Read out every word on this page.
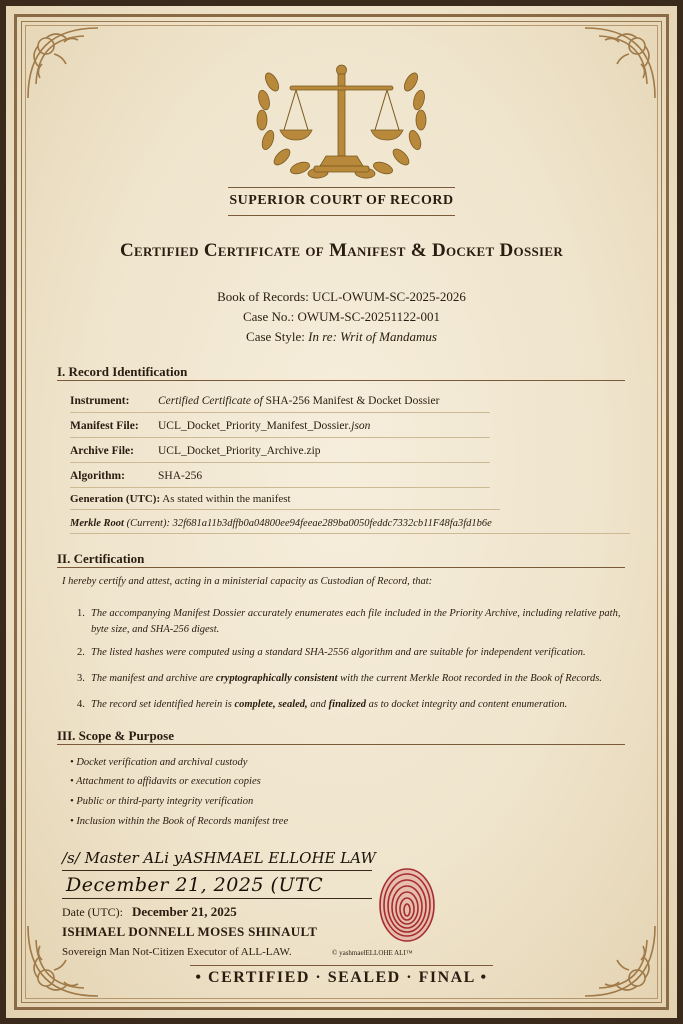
SUPERIOR COURT OF RECORD
Certified Certificate of Manifest & Docket Dossier
Book of Records: UCL-OWUM-SC-2025-2026
Case No.: OWUM-SC-20251122-001
Case Style: In re: Writ of Mandamus
I. Record Identification
Instrument: Certified Certificate of SHA-256 Manifest & Docket Dossier
Manifest File: UCL_Docket_Priority_Manifest_Dossier.json
Archive File: UCL_Docket_Priority_Archive.zip
Algorithm:	SHA-256
Generation (UTC): As stated within the manifest
Merkle Root (Current): 32f681a11b3dffb0a04800ee94feeae289ba0050feddc7332cb11F48fa3fd1b6e
II. Certification
I hereby certify and attest, acting in a ministerial capacity as Custodian of Record, that:
1. The accompanying Manifest Dossier accurately enumerates each file included in the Priority Archive, including relative path, byte size, and SHA-256 digest.
2. The listed hashes were computed using a standard SHA-2556 algorithm and are suitable for independent verification.
3. The manifest and archive are cryptographically consistent with the current Merkle Root recorded in the Book of Records.
4. The record set identified herein is complete, sealed, and finalized as to docket integrity and content enumeration.
III. Scope & Purpose
• Docket verification and archival custody
• Attachment to affidavits or execution copies
• Public or third-party integrity verification
• Inclusion within the Book of Records manifest tree
/s/ Master ALi yASHMAEL ELLOHE LAW
December 21, 2025 (UTC
Date (UTC): December 21, 2025
ISHMAEL DONNELL MOSES SHINAULT
Sovereign Man Not-Citizen Executor of ALL-LAW.	© yashmaelELLOHE ALI™
• CERTIFIED · SEALED · FINAL •
